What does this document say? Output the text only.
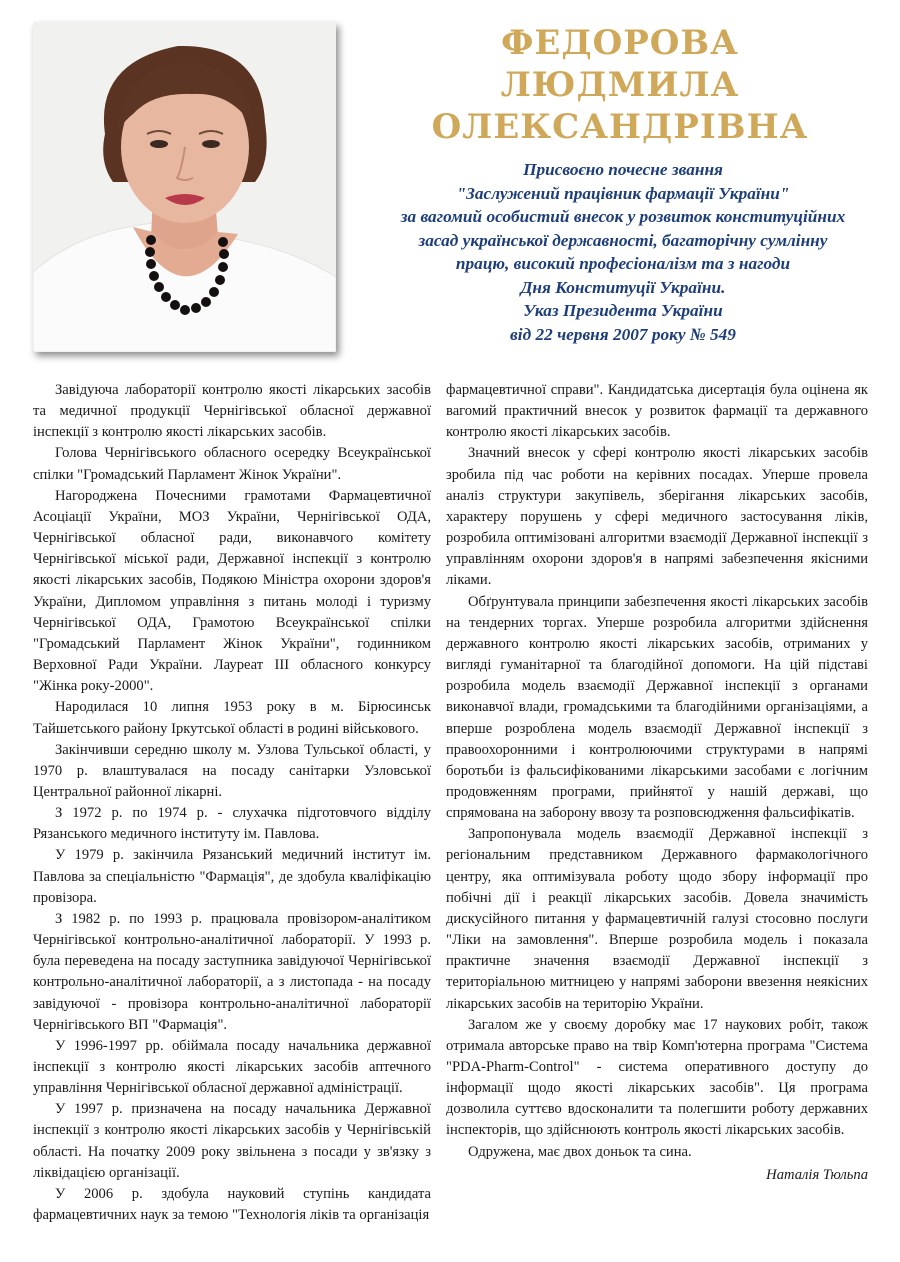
ФЕДОРОВА
ЛЮДМИЛА
ОЛЕКСАНДРІВНА
Присвоєно почесне звання
"Заслужений працівник фармації України"
за вагомий особистий внесок у розвиток конституційних
засад української державності, багаторічну сумлінну
працю, високий професіоналізм та з нагоди
Дня Конституції України.
Указ Президента України
від 22 червня 2007 року № 549

Завідуюча лабораторії контролю якості лікарських засобів та медичної продукції Чернігівської обласної державної інспекції з контролю якості лікарських засобів.

Голова Чернігівського обласного осередку Всеукраїнської спілки "Громадський Парламент Жінок України".

Нагороджена Почесними грамотами Фармацевтичної Асоціації України, МОЗ України, Чернігівської ОДА, Чернігівської обласної ради, виконавчого комітету Чернігівської міської ради, Державної інспекції з контролю якості лікарських засобів, Подякою Міністра охорони здоров'я України, Дипломом управління з питань молоді і туризму Чернігівської ОДА, Грамотою Всеукраїнської спілки "Громадський Парламент Жінок України", годинником Верховної Ради України. Лауреат III обласного конкурсу "Жінка року-2000".

Народилася 10 липня 1953 року в м. Бірюсинськ Тайшетського району Іркутської області в родині військового.

Закінчивши середню школу м. Узлова Тульської області, у 1970 р. влаштувалася на посаду санітарки Узловської Центральної районної лікарні.

З 1972 р. по 1974 р. - слухачка підготовчого відділу Рязанського медичного інституту ім. Павлова.

У 1979 р. закінчила Рязанський медичний інститут ім. Павлова за спеціальністю "Фармація", де здобула кваліфікацію провізора.

З 1982 р. по 1993 р. працювала провізором-аналітиком Чернігівської контрольно-аналітичної лабораторії. У 1993 р. була переведена на посаду заступника завідуючої Чернігівської контрольно-аналітичної лабораторії, а з листопада - на посаду завідуючої - провізора контрольно-аналітичної лабораторії Чернігівського ВП "Фармація".

У 1996-1997 рр. обіймала посаду начальника державної інспекції з контролю якості лікарських засобів аптечного управління Чернігівської обласної державної адміністрації.

У 1997 р. призначена на посаду начальника Державної інспекції з контролю якості лікарських засобів у Чернігівській області. На початку 2009 року звільнена з посади у зв'язку з ліквідацією організації.

У 2006 р. здобула науковий ступінь кандидата фармацевтичних наук за темою "Технологія ліків та організація

фармацевтичної справи". Кандидатська дисертація була оцінена як вагомий практичний внесок у розвиток фармації та державного контролю якості лікарських засобів.

Значний внесок у сфері контролю якості лікарських засобів зробила під час роботи на керівних посадах. Уперше провела аналіз структури закупівель, зберігання лікарських засобів, характеру порушень у сфері медичного застосування ліків, розробила оптимізовані алгоритми взаємодії Державної інспекції з управлінням охорони здоров'я в напрямі забезпечення якісними ліками.

Обґрунтувала принципи забезпечення якості лікарських засобів на тендерних торгах. Уперше розробила алгоритми здійснення державного контролю якості лікарських засобів, отриманих у вигляді гуманітарної та благодійної допомоги. На цій підставі розробила модель взаємодії Державної інспекції з органами виконавчої влади, громадськими та благодійними організаціями, а вперше розроблена модель взаємодії Державної інспекції з правоохоронними і контролюючими структурами в напрямі боротьби із фальсифікованими лікарськими засобами є логічним продовженням програми, прийнятої у нашій державі, що спрямована на заборону ввозу та розповсюдження фальсифікатів.

Запропонувала модель взаємодії Державної інспекції з регіональним представником Державного фармакологічного центру, яка оптимізувала роботу щодо збору інформації про побічні дії і реакції лікарських засобів. Довела значимість дискусійного питання у фармацевтичній галузі стосовно послуги "Ліки на замовлення". Вперше розробила модель і показала практичне значення взаємодії Державної інспекції з територіальною митницею у напрямі заборони ввезення неякісних лікарських засобів на територію України.

Загалом же у своєму доробку має 17 наукових робіт, також отримала авторське право на твір Комп'ютерна програма "Система "PDA-Pharm-Control" - система оперативного доступу до інформації щодо якості лікарських засобів". Ця програма дозволила суттєво вдосконалити та полегшити роботу державних інспекторів, що здійснюють контроль якості лікарських засобів.

Одружена, має двох доньок та сина.

Наталія Тюльпа
